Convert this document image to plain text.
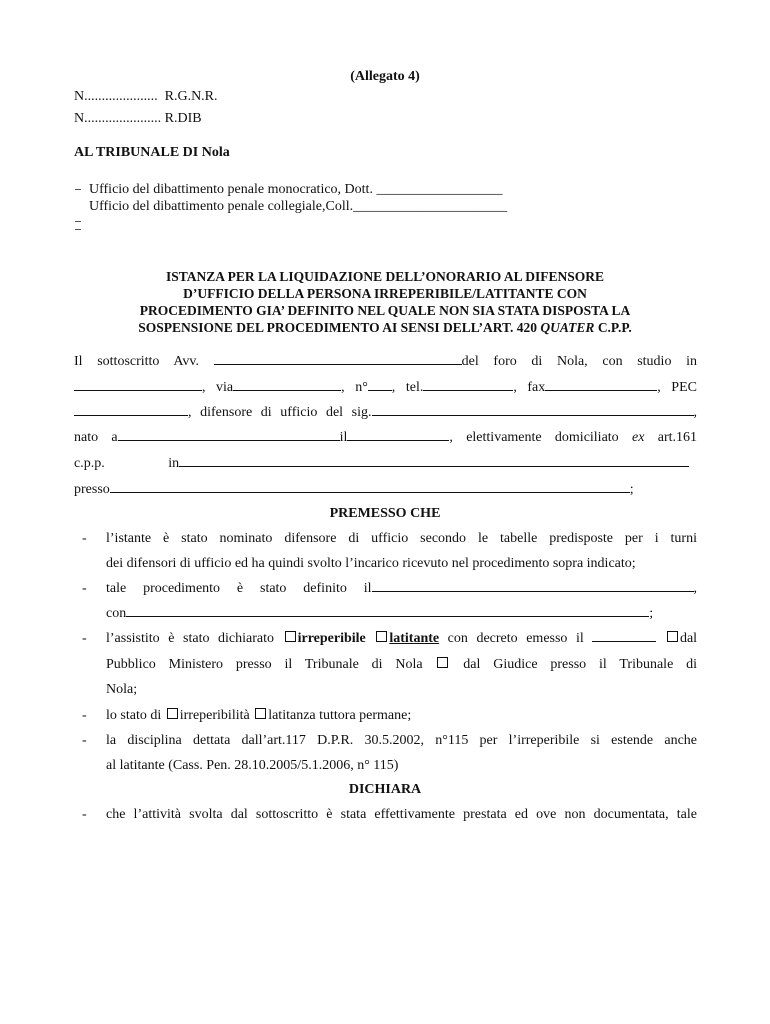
(Allegato 4)
N..................... R.G.N.R.
N...................... R.DIB
AL TRIBUNALE DI Nola
Ufficio del dibattimento penale monocratico, Dott. __________________
Ufficio del dibattimento penale collegiale,Coll.______________________
ISTANZA PER LA LIQUIDAZIONE DELL’ONORARIO AL DIFENSORE
D’UFFICIO DELLA PERSONA IRREPERIBILE/LATITANTE CON
PROCEDIMENTO GIA’ DEFINITO NEL QUALE NON SIA STATA DISPOSTA LA
SOSPENSIONE DEL PROCEDIMENTO AI SENSI DELL’ART. 420 QUATER C.P.P.
Il sottoscritto Avv.	del foro di Nola, con studio in
, via	, n° , tel.	, fax	, PEC
, difensore di ufficio del sig.	,
nato a	il	, elettivamente domiciliato ex art.161
c.p.p.	in
presso	;
PREMESSO CHE
- l’istante è stato nominato difensore di ufficio secondo le tabelle predisposte per i turni
dei difensori di ufficio ed ha quindi svolto l’incarico ricevuto nel procedimento sopra indicato;
- tale procedimento è stato definito il	,
con	;
- l’assistito è stato dichiarato irreperibile latitante con decreto emesso il	dal
Pubblico Ministero presso il Tribunale di Nola	dal Giudice presso il Tribunale di
Nola;
- lo stato di irreperibilità latitanza tuttora permane;
- la disciplina dettata dall’art.117 D.P.R. 30.5.2002, n°115 per l’irreperibile si estende anche
al latitante (Cass. Pen. 28.10.2005/5.1.2006, n° 115)
DICHIARA
- che l’attività svolta dal sottoscritto è stata effettivamente prestata ed ove non documentata, tale
